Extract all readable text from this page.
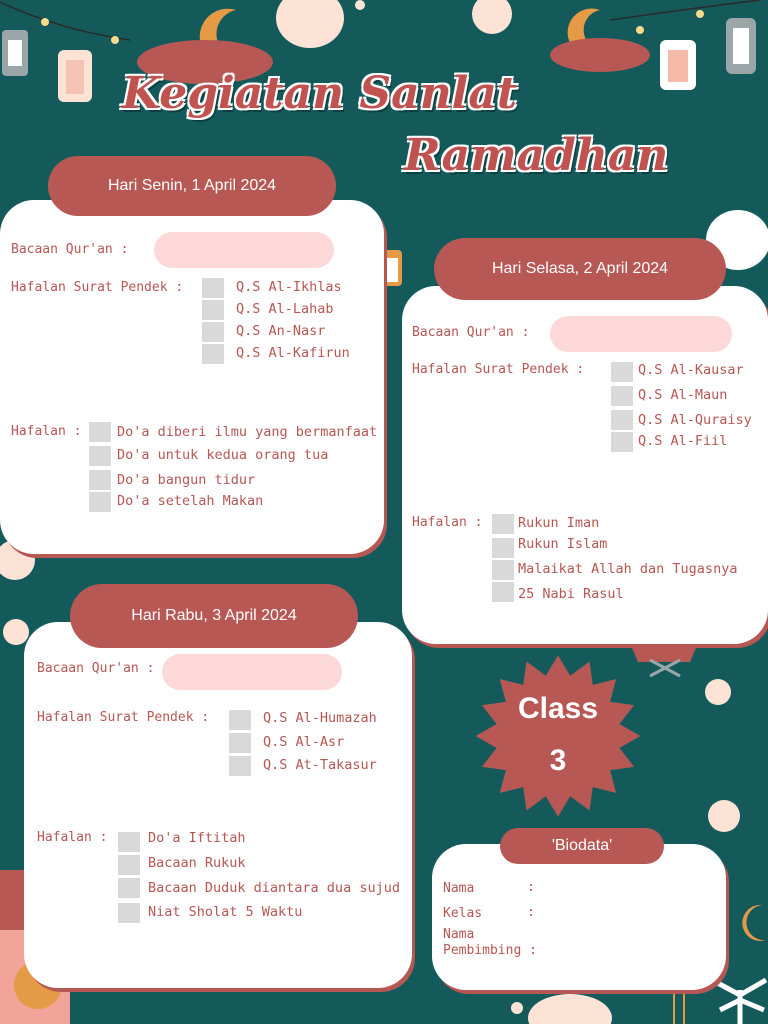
Kegiatan Sanlat
Ramadhan
Hari Senin, 1 April 2024
Bacaan Qur'an :
Hafalan Surat Pendek :	Q.S Al-Ikhlas
Q.S Al-Lahab
Q.S An-Nasr
Q.S Al-Kafirun
Hafalan :	Do'a diberi ilmu yang bermanfaat
Do'a untuk kedua orang tua
Do'a bangun tidur
Do'a setelah Makan
Hari Selasa, 2 April 2024
Bacaan Qur'an :
Hafalan Surat Pendek :	Q.S Al-Kausar
Q.S Al-Maun
Q.S Al-Quraisy
Q.S Al-Fiil
Hafalan :	Rukun Iman
Rukun Islam
Malaikat Allah dan Tugasnya
25 Nabi Rasul
Hari Rabu, 3 April 2024
Bacaan Qur'an :
Hafalan Surat Pendek :	Q.S Al-Humazah
Q.S Al-Asr
Q.S At-Takasur
Hafalan :	Do'a Iftitah
Bacaan Rukuk
Bacaan Duduk diantara dua sujud
Niat Sholat 5 Waktu
Class
3
'Biodata'
Nama	:
Kelas	:
Nama
Pembimbing :
